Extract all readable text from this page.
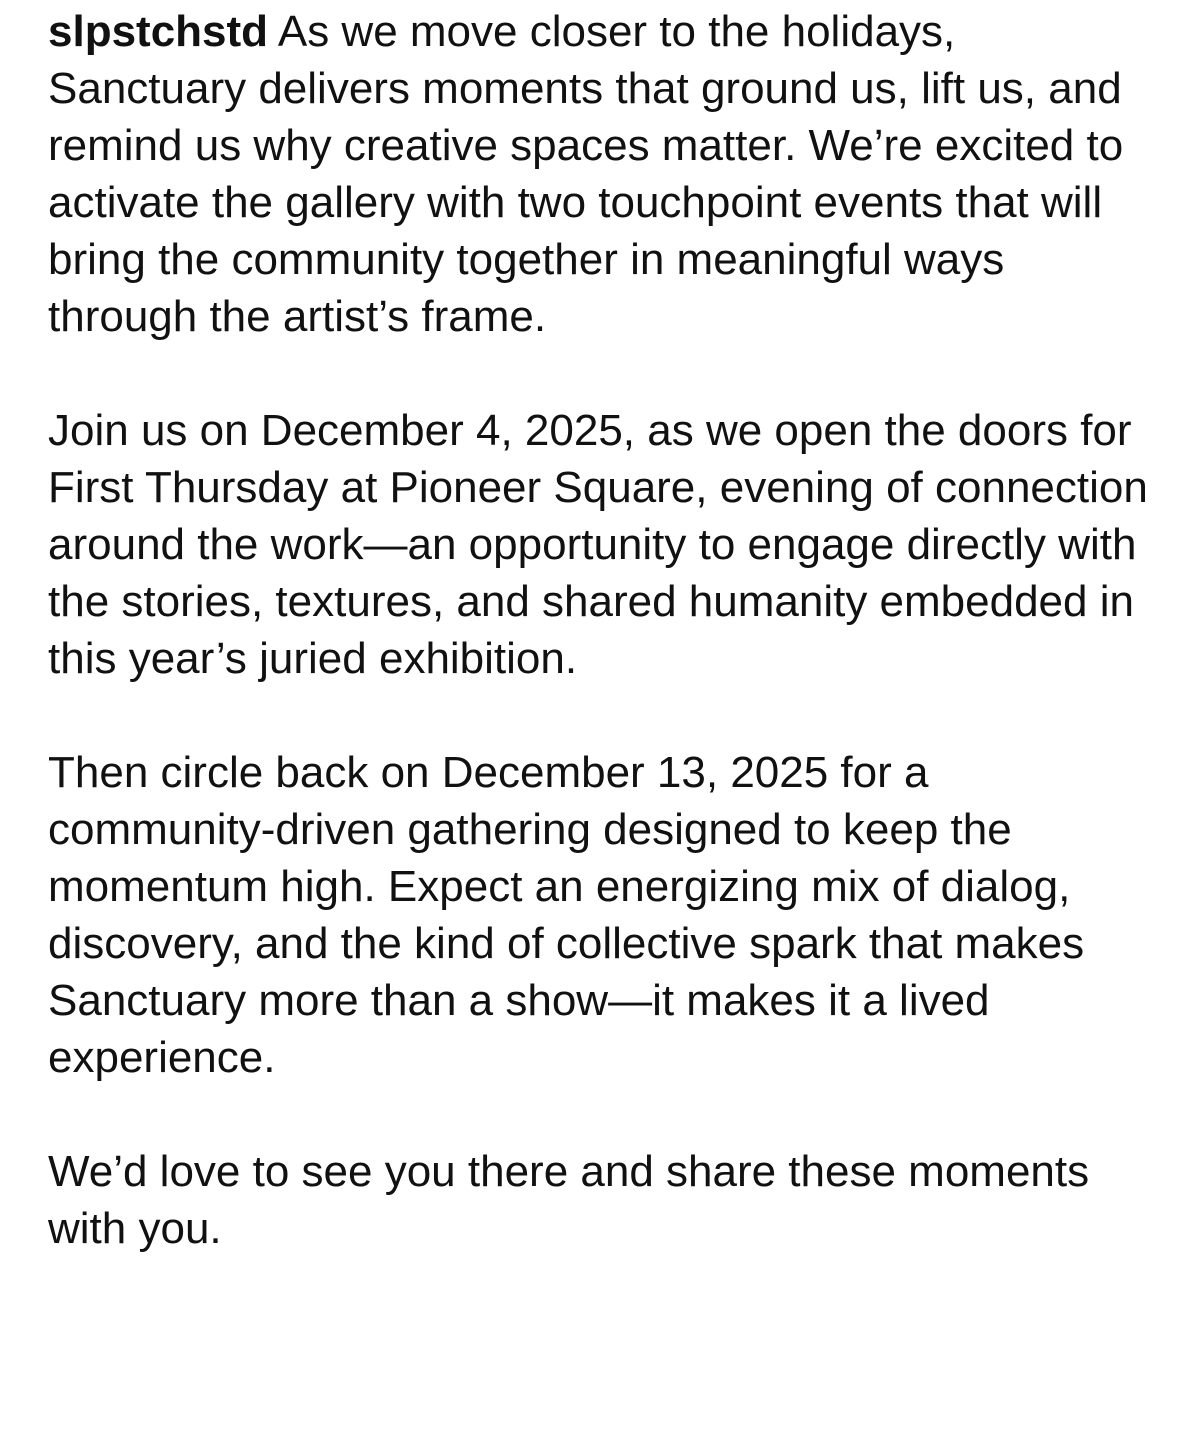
slpstchstd As we move closer to the holidays, Sanctuary delivers moments that ground us, lift us, and remind us why creative spaces matter. We’re excited to activate the gallery with two touchpoint events that will bring the community together in meaningful ways through the artist’s frame.

Join us on December 4, 2025, as we open the doors for First Thursday at Pioneer Square, evening of connection around the work—an opportunity to engage directly with the stories, textures, and shared humanity embedded in this year’s juried exhibition.

Then circle back on December 13, 2025 for a community-driven gathering designed to keep the momentum high. Expect an energizing mix of dialog, discovery, and the kind of collective spark that makes Sanctuary more than a show—it makes it a lived experience.

We’d love to see you there and share these moments with you.
